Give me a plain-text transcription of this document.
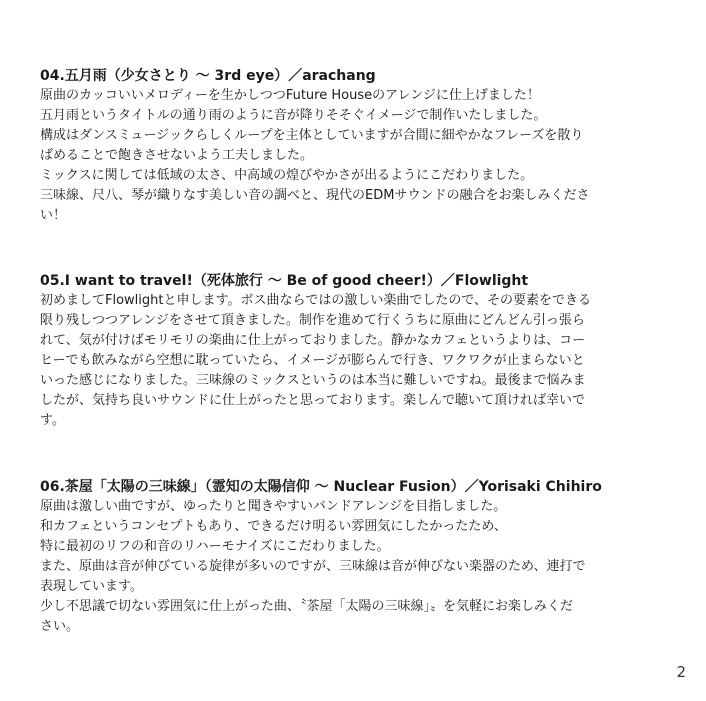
04.五月雨（少女さとり ～ 3rd eye）／arachang
原曲のカッコいいメロディーを生かしつつFuture Houseのアレンジに仕上げました！
五月雨というタイトルの通り雨のように音が降りそそぐイメージで制作いたしました。
構成はダンスミュージックらしくループを主体としていますが合間に細やかなフレーズを散り
ばめることで飽きさせないよう工夫しました。
ミックスに関しては低域の太さ、中高域の煌びやかさが出るようにこだわりました。
三味線、尺八、琴が織りなす美しい音の調べと、現代のEDMサウンドの融合をお楽しみくださ
い！
05.I want to travel!（死体旅行 ～ Be of good cheer!）／Flowlight
初めましてFlowlightと申します。ボス曲ならではの激しい楽曲でしたので、その要素をできる
限り残しつつアレンジをさせて頂きました。制作を進めて行くうちに原曲にどんどん引っ張ら
れて、気が付けばモリモリの楽曲に仕上がっておりました。静かなカフェというよりは、コー
ヒーでも飲みながら空想に耽っていたら、イメージが膨らんで行き、ワクワクが止まらないと
いった感じになりました。三味線のミックスというのは本当に難しいですね。最後まで悩みま
したが、気持ち良いサウンドに仕上がったと思っております。楽しんで聴いて頂ければ幸いで
す。
06.茶屋「太陽の三味線」（霊知の太陽信仰 ～ Nuclear Fusion）／Yorisaki Chihiro
原曲は激しい曲ですが、ゆったりと聞きやすいバンドアレンジを目指しました。
和カフェというコンセプトもあり、できるだけ明るい雰囲気にしたかったため、
特に最初のリフの和音のリハーモナイズにこだわりました。
また、原曲は音が伸びている旋律が多いのですが、三味線は音が伸びない楽器のため、連打で
表現しています。
少し不思議で切ない雰囲気に仕上がった曲、〝茶屋「太陽の三味線」〟を気軽にお楽しみくだ
さい。
2
